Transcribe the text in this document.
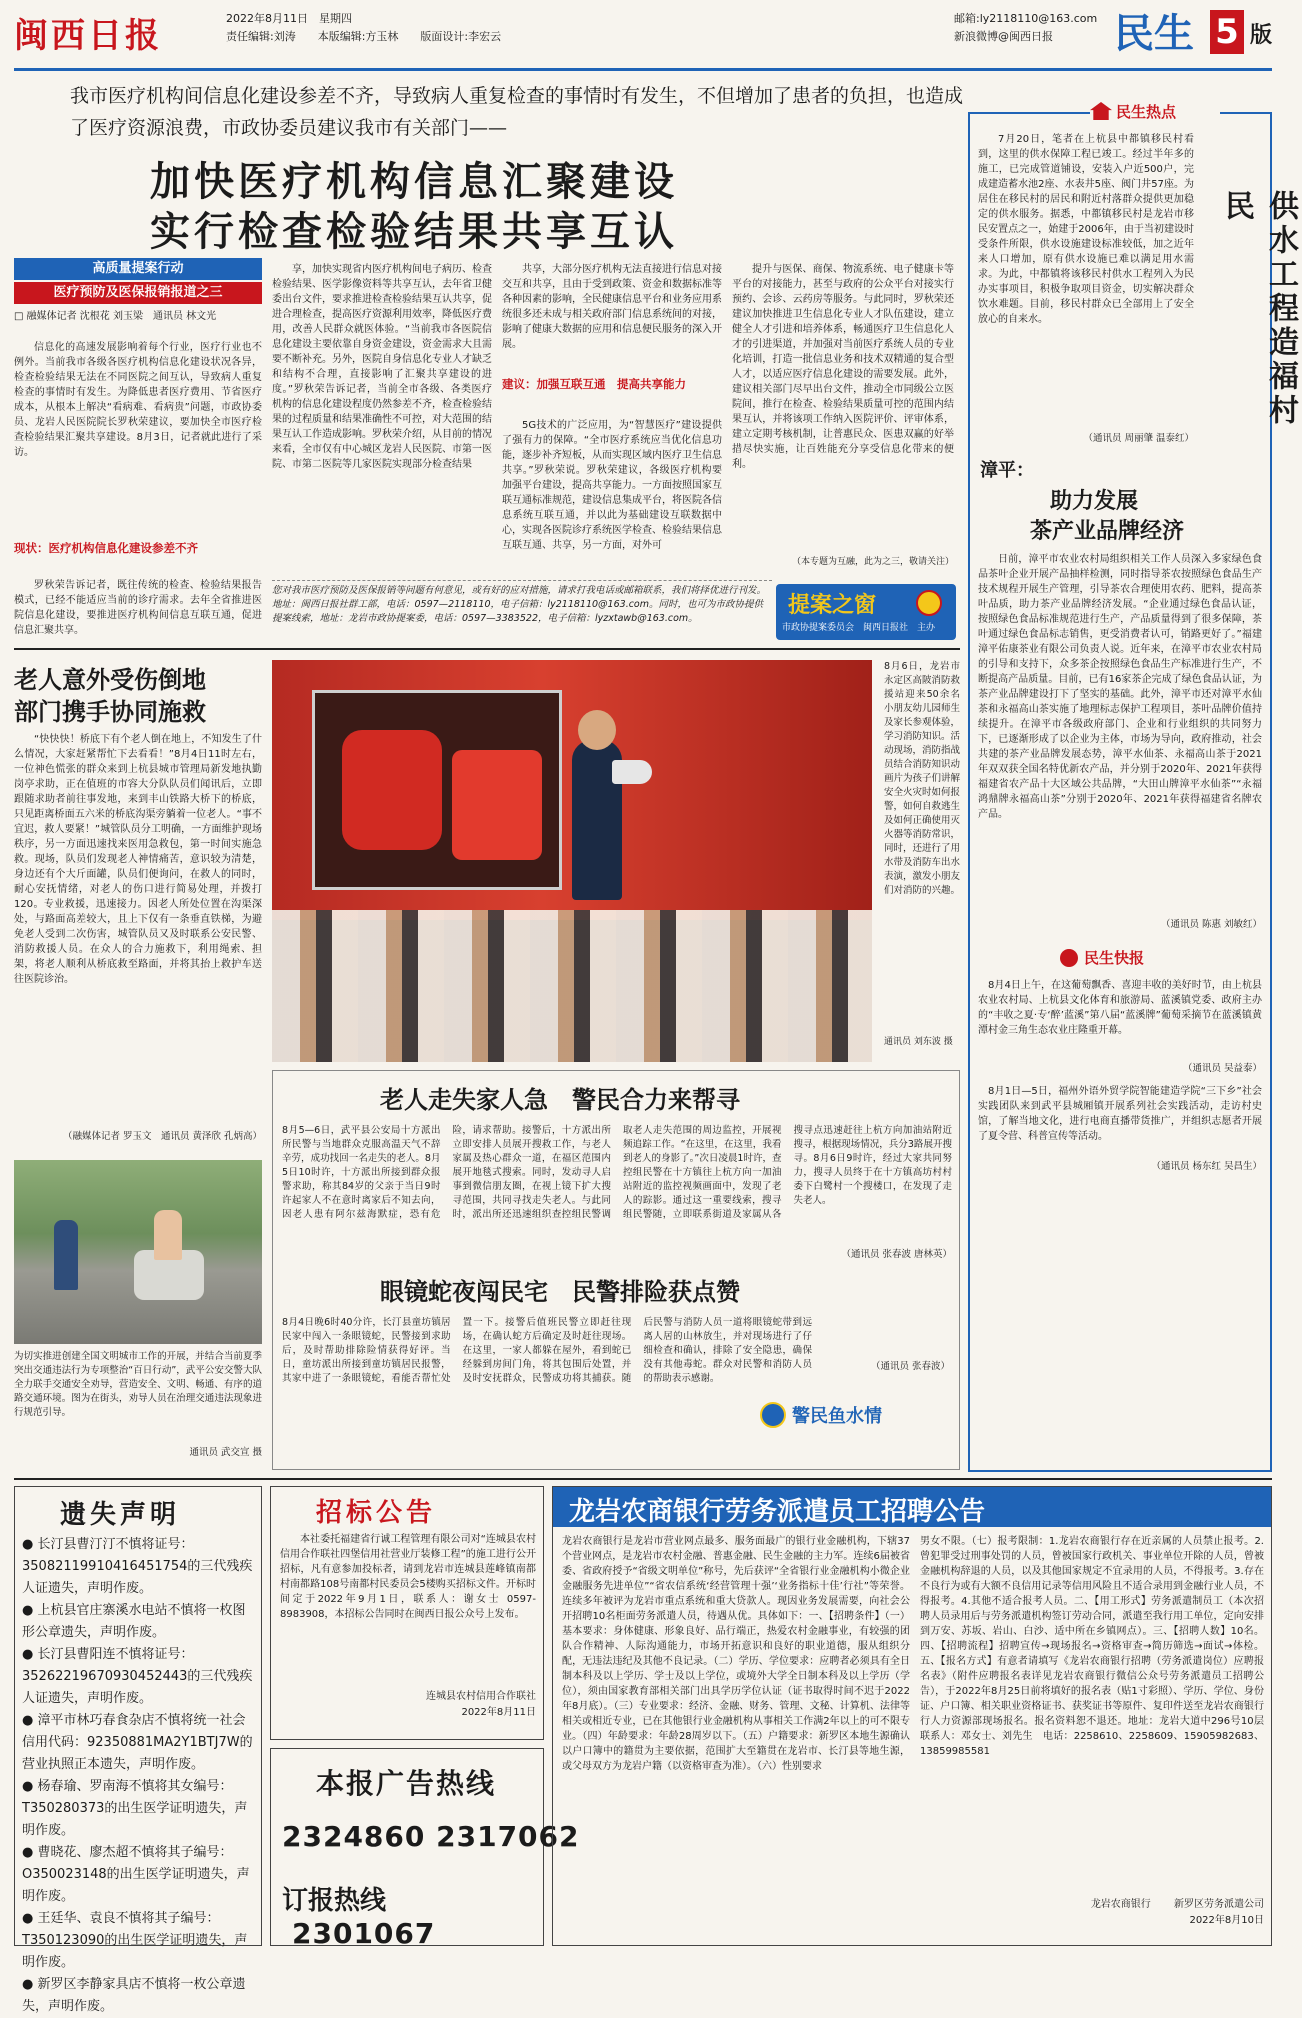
闽西日报	2022年8月11日　星期四
责任编辑:刘涛　　本版编辑:方玉林　　版面设计:李宏云
邮箱:ly2118110@163.com
新浪微博@闽西日报 民生 5 版
我市医疗机构间信息化建设参差不齐，导致病人重复检查的事情时有发生，不但增加了患者的负担，也造成了医疗资源浪费，市政协委员建议我市有关部门——
加快医疗机构信息汇聚建设
实行检查检验结果共享互认
高质量提案行动
医疗预防及医保报销报道之三
□ 融媒体记者 沈根花 刘玉梁　通讯员 林文光
信息化的高速发展影响着每个行业，医疗行业也不例外。当前我市各级各医疗机构信息化建设状况各异，检查检验结果无法在不同医院之间互认，导致病人重复检查的事情时有发生。为降低患者医疗费用、节省医疗成本，从根本上解决“看病难、看病贵”问题，市政协委员、龙岩人民医院院长罗秋荣建议，要加快全市医疗检查检验结果汇聚共享建设。8月3日，记者就此进行了采访。
现状：医疗机构信息化建设参差不齐
罗秋荣告诉记者，既往传统的检查、检验结果报告模式，已经不能适应当前的诊疗需求。去年全省推进医院信息化建设，要推进医疗机构间信息互联互通，促进信息汇聚共享。
享，加快实现省内医疗机构间电子病历、检查检验结果、医学影像资料等共享互认，去年省卫健委出台文件，要求推进检查检验结果互认共享，促进合理检查，提高医疗资源利用效率，降低医疗费用，改善人民群众就医体验。“当前我市各医院信息化建设主要依靠自身资金建设，资金需求大且需要不断补充。另外，医院自身信息化专业人才缺乏和结构不合理，直接影响了汇聚共享建设的进度。”罗秋荣告诉记者，当前全市各级、各类医疗机构的信息化建设程度仍然参差不齐，检查检验结果的过程质量和结果准确性不可控，对大范围的结果互认工作造成影响。罗秋荣介绍，从目前的情况来看，全市仅有中心城区龙岩人民医院、市第一医院、市第二医院等几家医院实现部分检查结果
共享，大部分医疗机构无法直接进行信息对接交互和共享，且由于受到政策、资金和数据标准等各种因素的影响，全民健康信息平台和业务应用系统很多还未成与相关政府部门信息系统间的对接，影响了健康大数据的应用和信息便民服务的深入开展。
建议：加强互联互通　提高共享能力
5G技术的广泛应用，为“智慧医疗”建设提供了强有力的保障。“全市医疗系统应当优化信息功能，逐步补齐短板，从而实现区域内医疗卫生信息共享。”罗秋荣说。罗秋荣建议，各级医疗机构要加强平台建设，提高共享能力。一方面按照国家互联互通标准规范，建设信息集成平台，将医院各信息系统互联互通，并以此为基础建设互联数据中心，实现各医院诊疗系统医学检查、检验结果信息互联互通、共享，另一方面，对外可
提升与医保、商保、物流系统、电子健康卡等平台的对接能力，甚至与政府的公众平台对接实行预约、会诊、云药房等服务。与此同时，罗秋荣还建议加快推进卫生信息化专业人才队伍建设，建立健全人才引进和培养体系，畅通医疗卫生信息化人才的引进渠道，并加强对当前医疗系统人员的专业化培训，打造一批信息业务和技术双精通的复合型人才，以适应医疗信息化建设的需要发展。此外，建议相关部门尽早出台文件，推动全市同级公立医院间，推行在检查、检验结果质量可控的范围内结果互认，并将该项工作纳入医院评价、评审体系，建立定期考核机制，让普惠民众、医患双赢的好举措尽快实施，让百姓能充分享受信息化带来的便利。
（本专题为互融，此为之三，敬请关注）
您对我市医疗预防及医保报销等问题有何意见，或有好的应对措施，请求打我电话或邮箱联系，我们将择优进行刊发。地址：闽西日报社群工部，电话：0597—2118110，电子信箱：ly2118110@163.com。同时，也可为市政协提供提案线索，地址：龙岩市政协提案委，电话：0597—3383522，电子信箱：lyzxtawb@163.com。
提案之窗
市政协提案委员会　闽西日报社　主办
老人意外受伤倒地
部门携手协同施救
“快快快！桥底下有个老人倒在地上，不知发生了什么情况，大家赶紧帮忙下去看看！”8月4日11时左右，一位神色慌张的群众来到上杭县城市管理局新发地执勤岗亭求助，正在值班的市容大分队队员们闻讯后，立即跟随求助者前往事发地，来到丰山铁路大桥下的桥底，只见距离桥面五六米的桥底沟渠旁躺着一位老人。“事不宜迟，救人要紧！”城管队员分工明确，一方面维护现场秩序，另一方面迅速找来医用急救包，第一时间实施急救。现场，队员们发现老人神情痛苦，意识较为清楚，身边还有个大斤面罐，队员们便询问，在救人的同时，耐心安抚情绪，对老人的伤口进行简易处理，并拨打120。专业救援，迅速接力。因老人所处位置在沟渠深处，与路面高差较大，且上下仅有一条垂直铁梯，为避免老人受到二次伤害，城管队员又及时联系公安民警、消防救援人员。在众人的合力施救下，利用绳索、担架，将老人顺利从桥底救至路面，并将其抬上救护车送往医院诊治。
（融媒体记者 罗玉文　通讯员 黄泽欣 孔炳高）
为切实推进创建全国文明城市工作的开展，并结合当前夏季突出交通违法行为专项整治“百日行动”，武平公安交警大队全力联手交通安全劝导，营造安全、文明、畅通、有序的道路交通环境。图为在街头，劝导人员在治理交通违法现象进行规范引导。
通讯员 武交宣 摄
8月6日，龙岩市永定区高陂消防救援站迎来50余名小朋友幼儿园师生及家长参观体验，学习消防知识。活动现场，消防指战员结合消防知识动画片为孩子们讲解安全火灾时如何报警，如何自救逃生及如何正确使用灭火器等消防常识，同时，还进行了用水带及消防车出水表演，激发小朋友们对消防的兴趣。
通讯员 刘东波 摄
老人走失家人急　警民合力来帮寻
8月5—6日，武平县公安局十方派出所民警与当地群众克服高温天气不辞辛劳，成功找回一名走失的老人。8月5日10时许，十方派出所接到群众报警求助，称其84岁的父亲于当日9时许起家人不在意时离家后不知去向，因老人患有阿尔兹海默症，恐有危险，请求帮助。接警后，十方派出所立即安排人员展开搜救工作，与老人家属及热心群众一道，在福区范围内展开地毯式搜索。同时，发动寻人启事到微信朋友圈，在视上镜下扩大搜寻范围，共同寻找走失老人。与此同时，派出所还迅速组织查控组民警调取老人走失范围的周边监控，开展视频追踪工作。“在这里，在这里，我看到老人的身影了。”次日凌晨1时许，查控组民警在十方镇往上杭方向一加油站附近的监控视频画面中，发现了老人的踪影。通过这一重要线索，搜寻组民警随，立即联系街道及家属从各搜寻点迅速赶往上杭方向加油站附近搜寻，根据现场情况，兵分3路展开搜寻。8月6日9时许，经过大家共同努力，搜寻人员终于在十方镇高坊村村委下白鹭村一个搜楼口，在发现了走失老人。
（通讯员 张春波 唐林英）
眼镜蛇夜闯民宅　民警排险获点赞
8月4日晚6时40分许，长汀县童坊镇居民家中闯入一条眼镜蛇，民警接到求助后，及时帮助排除险情获得好评。当日，童坊派出所接到童坊镇居民报警，其家中进了一条眼镜蛇，看能否帮忙处置一下。接警后值班民警立即赶往现场，在确认蛇方后确定及时赶往现场。在这里，一家人都躲在屋外，看到蛇已经躲到房间门角，将其包围后处置，并及时安抚群众，民警成功将其捕获。随后民警与消防人员一道将眼镜蛇带到远离人居的山林放生，并对现场进行了仔细检查和确认，排除了安全隐患，确保没有其他毒蛇。群众对民警和消防人员的帮助表示感谢。
（通讯员 张春波）
警民鱼水情
民生热点
7月20日，笔者在上杭县中都镇移民村看到，这里的供水保障工程已竣工。经过半年多的施工，已完成管道铺设，安装入户近500户，完成建造蓄水池2座、水表井5座、阀门井57座。为居住在移民村的居民和附近村落群众提供更加稳定的供水服务。据悉，中都镇移民村是龙岩市移民安置点之一，始建于2006年，由于当初建设时受条件所限，供水设施建设标准较低，加之近年来人口增加，原有供水设施已难以满足用水需求。为此，中都镇将该移民村供水工程列入为民办实事项目，积极争取项目资金，切实解决群众饮水难题。目前，移民村群众已全部用上了安全放心的自来水。
（通讯员 周丽肇 温泰红）
供水工程造福村民
漳平：
助力发展
茶产业品牌经济
日前，漳平市农业农村局组织相关工作人员深入多家绿色食品茶叶企业开展产品抽样检测，同时指导茶农按照绿色食品生产技术规程开展生产管理，引导茶农合理使用农药、肥料，提高茶叶品质，助力茶产业品牌经济发展。“企业通过绿色食品认证，按照绿色食品标准规范进行生产，产品质量得到了很多保障，茶叶通过绿色食品标志销售，更受消费者认可，销路更好了。”福建漳平佑康茶业有限公司负责人说。近年来，在漳平市农业农村局的引导和支持下，众多茶企按照绿色食品生产标准进行生产，不断提高产品质量。目前，已有16家茶企完成了绿色食品认证，为茶产业品牌建设打下了坚实的基础。此外，漳平市还对漳平水仙茶和永福高山茶实施了地理标志保护工程项目，茶叶品牌价值持续提升。在漳平市各级政府部门、企业和行业组织的共同努力下，已逐渐形成了以企业为主体，市场为导向，政府推动，社会共建的茶产业品牌发展态势，漳平水仙茶、永福高山茶于2021年双双获全国名特优新农产品，并分别于2020年、2021年获得福建省农产品十大区域公共品牌，“大田山牌漳平水仙茶”“永福鸿鼎牌永福高山茶”分别于2020年、2021年获得福建省名牌农产品。
（通讯员 陈惠 刘敏红）
民生快报
8月4日上午，在这葡萄飘香、喜迎丰收的美好时节，由上杭县农业农村局、上杭县文化体育和旅游局、蓝溪镇党委、政府主办的“丰收之夏·专‘醉’蓝溪”第八届“蓝溪牌”葡萄采摘节在蓝溪镇黄潭村金三角生态农业庄隆重开幕。
（通讯员 吴益泰）
8月1日—5日，福州外语外贸学院智能建造学院“三下乡”社会实践团队来到武平县城厢镇开展系列社会实践活动，走访村史馆，了解当地文化，进行电商直播带货推广，并组织志愿者开展了夏令营、科普宣传等活动。
（通讯员 杨东红 吴昌生）
遗失声明
● 长汀县曹汀汀不慎将证号：35082119910416451754的三代残疾人证遗失，声明作废。
● 上杭县官庄寨溪水电站不慎将一枚图形公章遗失，声明作废。
● 长汀县曹阳连不慎将证号：35262219670930452443的三代残疾人证遗失，声明作废。
● 漳平市林巧春食杂店不慎将统一社会信用代码：92350881MA2Y1BTJ7W的营业执照正本遗失，声明作废。
● 杨春瑜、罗南海不慎将其女编号：T350280373的出生医学证明遗失，声明作废。
● 曹晓花、廖杰超不慎将其子编号：O350023148的出生医学证明遗失，声明作废。
● 王廷华、袁良不慎将其子编号：T350123090的出生医学证明遗失，声明作废。
● 新罗区李静家具店不慎将一枚公章遗失，声明作废。
招标公告
本社委托福建省行诚工程管理有限公司对“连城县农村信用合作联社四堡信用社营业厅装修工程”的施工进行公开招标，凡有意参加投标者，请到龙岩市连城县莲峰镇南都村南都路108号南都村民委员会5楼购买招标文件。开标时间定于2022年9月1日，联系人：谢女士 0597-8983908，本招标公告同时在闽西日报公众号上发布。
连城县农村信用合作联社
2022年8月11日
本报广告热线
2324860 2317062
订报热线 2301067
龙岩农商银行劳务派遣员工招聘公告
龙岩农商银行是龙岩市营业网点最多、服务面最广的银行业金融机构，下辖37个营业网点，是龙岩市农村金融、普惠金融、民生金融的主力军。连续6届被省委、省政府授予“省级文明单位”称号，先后获评“全省银行业金融机构小微企业金融服务先进单位”“省农信系统‘经营管理十强’‘业务指标十佳’行社”等荣誉。连续多年被评为龙岩市重点系统和重大贷款人。现因业务发展需要，向社会公开招聘10名柜面劳务派遣人员，待遇从优。具体如下：一、【招聘条件】（一）基本要求：身体健康、形象良好、品行端正，热爱农村金融事业，有较强的团队合作精神、人际沟通能力，市场开拓意识和良好的职业道德，服从组织分配，无违法违纪及其他不良记录。（二）学历、学位要求：应聘者必须具有全日制本科及以上学历、学士及以上学位，或境外大学全日制本科及以上学历（学位），须由国家教育部相关部门出具学历学位认证（证书取得时间不迟于2022年8月底）。（三）专业要求：经济、金融、财务、管理、文秘、计算机、法律等相关或相近专业，已在其他银行业金融机构从事相关工作满2年以上的可不限专业。（四）年龄要求：年龄28周岁以下。（五）户籍要求：新罗区本地生源确认以户口簿中的籍贯为主要依据，范围扩大至籍贯在龙岩市、长汀县等地生源，或父母双方为龙岩户籍（以资格审查为准）。（六）性别要求
男女不限。（七）报考限制：1.龙岩农商银行存在近亲属的人员禁止报考。2.曾犯罪受过刑事处罚的人员，曾被国家行政机关、事业单位开除的人员，曾被金融机构辞退的人员，以及其他国家规定不宜录用的人员，不得报考。3.存在不良行为或有大额不良信用记录等信用风险且不适合录用到金融行业人员，不得报考。4.其他不适合报考人员。二、【用工形式】劳务派遣制员工（本次招聘人员录用后与劳务派遣机构签订劳动合同，派遣至我行用工单位，定向安排到万安、苏坂、岩山、白沙、适中所在乡镇网点）。三、【招聘人数】10名。四、【招聘流程】招聘宣传→现场报名→资格审查→简历筛选→面试→体检。五、【报名方式】有意者请填写《龙岩农商银行招聘（劳务派遣岗位）应聘报名表》（附件应聘报名表详见龙岩农商银行微信公众号劳务派遣员工招聘公告），于2022年8月25日前将填好的报名表（贴1寸彩照）、学历、学位、身份证、户口簿、相关职业资格证书、获奖证书等原件、复印件送至龙岩农商银行行人力资源部现场报名。报名资料恕不退还。地址：龙岩大道中296号10层　联系人：邓女士、刘先生　电话：2258610、2258609、15905982683、13859985581
龙岩农商银行　　 新罗区劳务派遣公司
2022年8月10日
